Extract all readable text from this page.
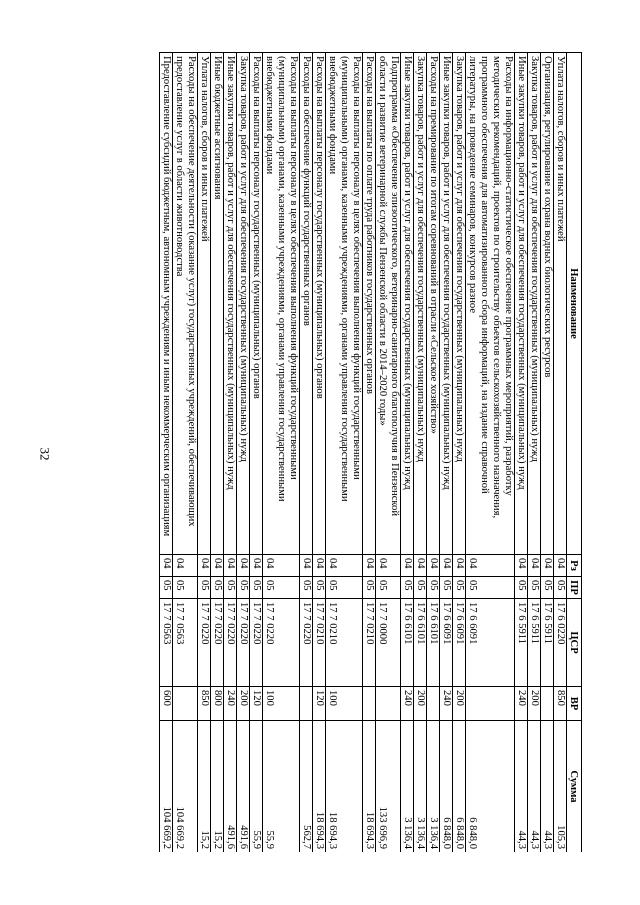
32
Наименование	Рз	ПР	ЦСР	ВР	Сумма
Уплата налогов, сборов и иных платежей	04	05	17 6 0220	850	105,3
Организация, регулирование и охрана водных биологических ресурсов	04	05	17 6 5911		44,3
Закупка товаров, работ и услуг для обеспечения государственных (муниципальных) нужд	04	05	17 6 5911	200	44,3
Иные закупки товаров, работ и услуг для обеспечения государственных (муниципальных) нужд	04	05	17 6 5911	240	44,3
Расходы на информационно-статистическое обеспечение программных мероприятий, разработку методических рекомендаций, проектов по строительству объектов сельскохозяйственного назначения, программного обеспечения для автоматизированного сбора информаций, на издание справочной литературы, на проведение семинаров, конкурсов разное	04	05	17 6 6091		6 848,0
Закупка товаров, работ и услуг для обеспечения государственных (муниципальных) нужд	04	05	17 6 6091	200	6 848,0
Иные закупки товаров, работ и услуг для обеспечения государственных (муниципальных) нужд	04	05	17 6 6091	240	6 848,0
Расходы на премирование по итогам соревнований в отрасли «Сельское хозяйство»	04	05	17 6 6101		3 136,4
Закупка товаров, работ и услуг для обеспечения государственных (муниципальных) нужд	04	05	17 6 6101	200	3 136,4
Иные закупки товаров, работ и услуг для обеспечения государственных (муниципальных) нужд	04	05	17 6 6101	240	3 136,4
Подпрограмма «Обеспечение эпизоотического, ветеринарно-санитарного благополучия в Пензенской области и развитие ветеринарной службы Пензенской области в 2014–2020 годы»	04	05	17 7 0000		133 696,9
Расходы на выплаты по оплате труда работников государственных органов	04	05	17 7 0210		18 694,3
Расходы на выплаты персоналу в целях обеспечения выполнения функций государственными (муниципальными) органами, казенными учреждениями, органами управления государственными внебюджетными фондами	04	05	17 7 0210	100	18 694,3
Расходы на выплаты персоналу государственных (муниципальных) органов	04	05	17 7 0210	120	18 694,3
Расходы на обеспечение функций государственных органов	04	05	17 7 0220		562,7
Расходы на выплаты персоналу в целях обеспечения выполнения функций государственными (муниципальными) органами, казенными учреждениями, органами управления государственными внебюджетными фондами	04	05	17 7 0220	100	55,9
Расходы на выплаты персоналу государственных (муниципальных) органов	04	05	17 7 0220	120	55,9
Закупка товаров, работ и услуг для обеспечения государственных (муниципальных) нужд	04	05	17 7 0220	200	491,6
Иные закупки товаров, работ и услуг для обеспечения государственных (муниципальных) нужд	04	05	17 7 0220	240	491,6
Иные бюджетные ассигнования	04	05	17 7 0220	800	15,2
Уплата налогов, сборов и иных платежей	04	05	17 7 0220	850	15,2
Расходы на обеспечение деятельности (оказание услуг) государственных учреждений, обеспечивающих предоставление услуг в области животноводства	04	05	17 7 0563		104 669,2
Предоставление субсидий бюджетным, автономным учреждениям и иным некоммерческим организациям	04	05	17 7 0563	600	104 669,2
